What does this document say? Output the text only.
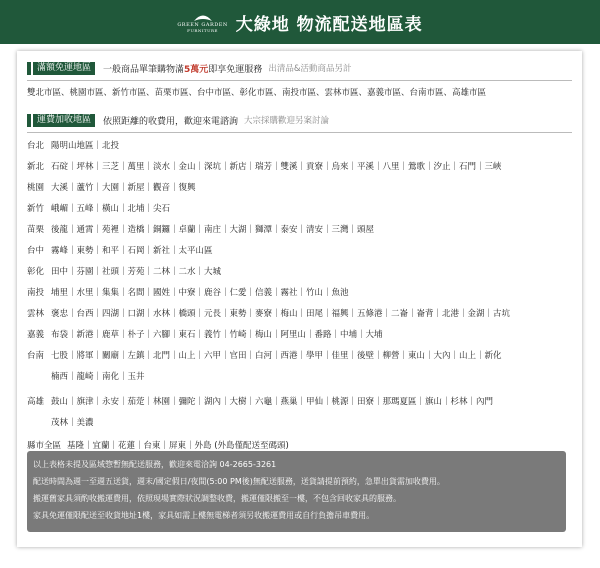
GREEN GARDEN
FURNITURE 大綠地 物流配送地區表
滿額免運地區	一般商品單筆購物滿5萬元即享免運服務 出清品&活動商品另計
雙北市區、桃園市區、新竹市區、苗栗市區、台中市區、彰化市區、南投市區、雲林市區、嘉義市區、台南市區、高雄市區
運費加收地區	依照距離的收費用，歡迎來電諮詢 大宗採購歡迎另案討論
台北 陽明山地區｜北投
新北 石碇｜坪林｜三芝｜萬里｜淡水｜金山｜深坑｜新店｜瑞芳｜雙溪｜貢寮｜烏來｜平溪｜八里｜鶯歌｜汐止｜石門｜三峽
桃園 大溪｜蘆竹｜大園｜新屋｜觀音｜復興
新竹 峨嵋｜五峰｜橫山｜北埔｜尖石
苗栗 後龍｜通霄｜苑裡｜造橋｜銅鑼｜卓蘭｜南庄｜大湖｜獅潭｜泰安｜清安｜三灣｜頭屋
台中 霧峰｜東勢｜和平｜石岡｜新社｜太平山區
彰化 田中｜芬園｜社頭｜芳苑｜二林｜二水｜大城
南投 埔里｜水里｜集集｜名間｜國姓｜中寮｜鹿谷｜仁愛｜信義｜霧社｜竹山｜魚池
雲林 褒忠｜台西｜四湖｜口湖｜水林｜橋頭｜元長｜東勢｜麥寮｜梅山｜田尾｜福興｜五條港｜二崙｜崙背｜北港｜金湖｜古坑
嘉義 布袋｜新港｜鹿草｜朴子｜六腳｜東石｜義竹｜竹崎｜梅山｜阿里山｜番路｜中埔｜大埔
台南 七股｜將軍｜關廟｜左鎮｜北門｜山上｜六甲｜官田｜白河｜西港｜學甲｜佳里｜後壁｜柳營｜東山｜大內｜山上｜新化
楠西｜龍崎｜南化｜玉井
高雄 鼓山｜旗津｜永安｜茄萣｜林園｜彌陀｜湖內｜大樹｜六龜｜燕巢｜甲仙｜桃源｜田寮｜那瑪夏區｜旗山｜杉林｜內門
茂林｜美濃
縣市全區 基隆｜宜蘭｜花蓮｜台東｜屏東｜外島 (外島僅配送至碼頭)

以上表格未提及區域惣暫無配送服務，歡迎來電洽詢 04-2665-3261

配送時間為週一至週五送貨，週末/國定假日/夜間(5:00 PM後)無配送服務，送貨請提前預約，急單出貨需加收費用。

搬運舊家具須酌收搬運費用，依照現場實際狀況調整收費，搬運僅限搬至一樓，不包含回收家具的服務。

家具免運僅限配送至收貨地址1樓，家具如需上樓無電梯者須另收搬運費用或自行負擔吊車費用。
